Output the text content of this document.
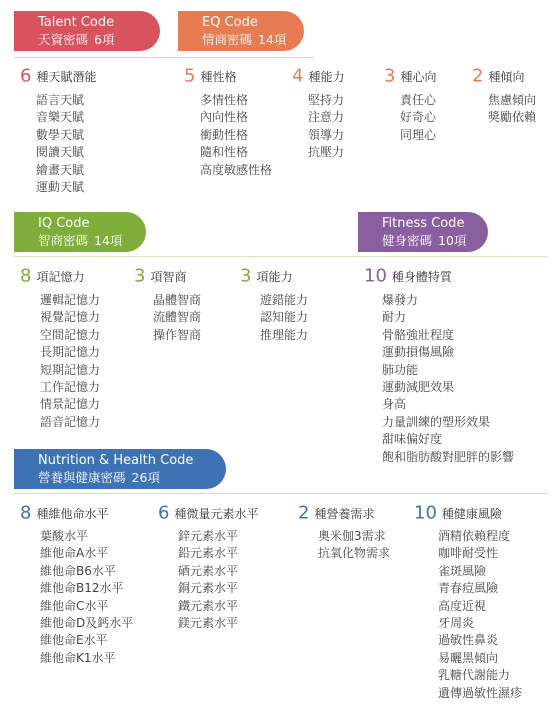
Talent Code
天資密碼 6項
EQ Code
情商密碼 14項
IQ Code
智商密碼 14項
Fitness Code
健身密碼 10項
Nutrition & Health Code
營養與健康密碼 26項
6 種天賦潛能
語言天賦
音樂天賦
數學天賦
閱讀天賦
繪畫天賦
運動天賦
5 種性格
多情性格
內向性格
衝動性格
隨和性格
高度敏感性格
4 種能力
堅持力
注意力
領導力
抗壓力
3 種心向
責任心
好奇心
同理心
2 種傾向
焦慮傾向
獎勵依賴
8 項記憶力
邏輯記憶力
視覺記憶力
空間記憶力
長期記憶力
短期記憶力
工作記憶力
情景記憶力
語音記憶力
3 項智商
晶體智商
流體智商
操作智商
3 項能力
遊錯能力
認知能力
推理能力
10 種身體特質
爆發力
耐力
骨骼強壯程度
運動損傷風險
肺功能
運動減肥效果
身高
力量訓練的塑形效果
甜味偏好度
飽和脂肪酸對肥胖的影響
8 種維他命水平
葉酸水平
維他命A水平
維他命B6水平
維他命B12水平
維他命C水平
維他命D及鈣水平
維他命E水平
維他命K1水平
6 種微量元素水平
鋅元素水平
鉛元素水平
硒元素水平
銅元素水平
鐵元素水平
鎂元素水平
2 種營養需求
奧米伽3需求
抗氧化物需求
10 種健康風險
酒精依賴程度
咖啡耐受性
雀斑風險
青春痘風險
高度近視
牙周炎
過敏性鼻炎
易曬黑傾向
乳糖代謝能力
遺傳過敏性濕疹
